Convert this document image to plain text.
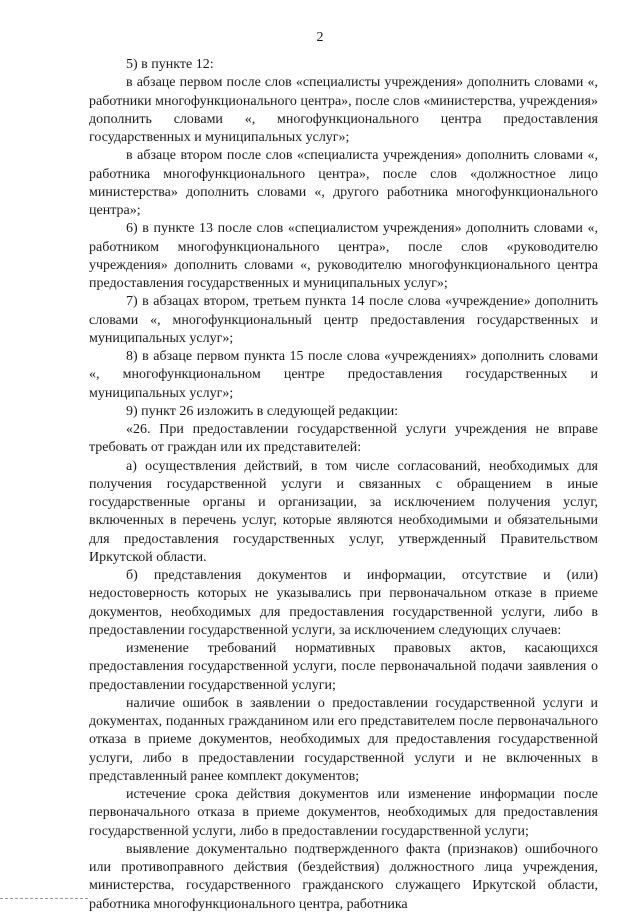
2

5) в пункте 12:

в абзаце первом после слов «специалисты учреждения» дополнить словами «, работники многофункционального центра», после слов «министерства, учреждения» дополнить словами «, многофункционального центра предоставления государственных и муниципальных услуг»;

в абзаце втором после слов «специалиста учреждения» дополнить словами «, работника многофункционального центра», после слов «должностное лицо министерства» дополнить словами «, другого работника многофункционального центра»;

6) в пункте 13 после слов «специалистом учреждения» дополнить словами «, работником многофункционального центра», после слов «руководителю учреждения» дополнить словами «, руководителю многофункционального центра предоставления государственных и муниципальных услуг»;

7) в абзацах втором, третьем пункта 14 после слова «учреждение» дополнить словами «, многофункциональный центр предоставления государственных и муниципальных услуг»;

8) в абзаце первом пункта 15 после слова «учреждениях» дополнить словами «, многофункциональном центре предоставления государственных и муниципальных услуг»;

9) пункт 26 изложить в следующей редакции:

«26. При предоставлении государственной услуги учреждения не вправе требовать от граждан или их представителей:

а) осуществления действий, в том числе согласований, необходимых для получения государственной услуги и связанных с обращением в иные государственные органы и организации, за исключением получения услуг, включенных в перечень услуг, которые являются необходимыми и обязательными для предоставления государственных услуг, утвержденный Правительством Иркутской области.

б) представления документов и информации, отсутствие и (или) недостоверность которых не указывались при первоначальном отказе в приеме документов, необходимых для предоставления государственной услуги, либо в предоставлении государственной услуги, за исключением следующих случаев:

изменение требований нормативных правовых актов, касающихся предоставления государственной услуги, после первоначальной подачи заявления о предоставлении государственной услуги;

наличие ошибок в заявлении о предоставлении государственной услуги и документах, поданных гражданином или его представителем после первоначального отказа в приеме документов, необходимых для предоставления государственной услуги, либо в предоставлении государственной услуги и не включенных в представленный ранее комплект документов;

истечение срока действия документов или изменение информации после первоначального отказа в приеме документов, необходимых для предоставления государственной услуги, либо в предоставлении государственной услуги;

выявление документально подтвержденного факта (признаков) ошибочного или противоправного действия (бездействия) должностного лица учреждения, министерства, государственного гражданского служащего Иркутской области, работника многофункционального центра, работника
